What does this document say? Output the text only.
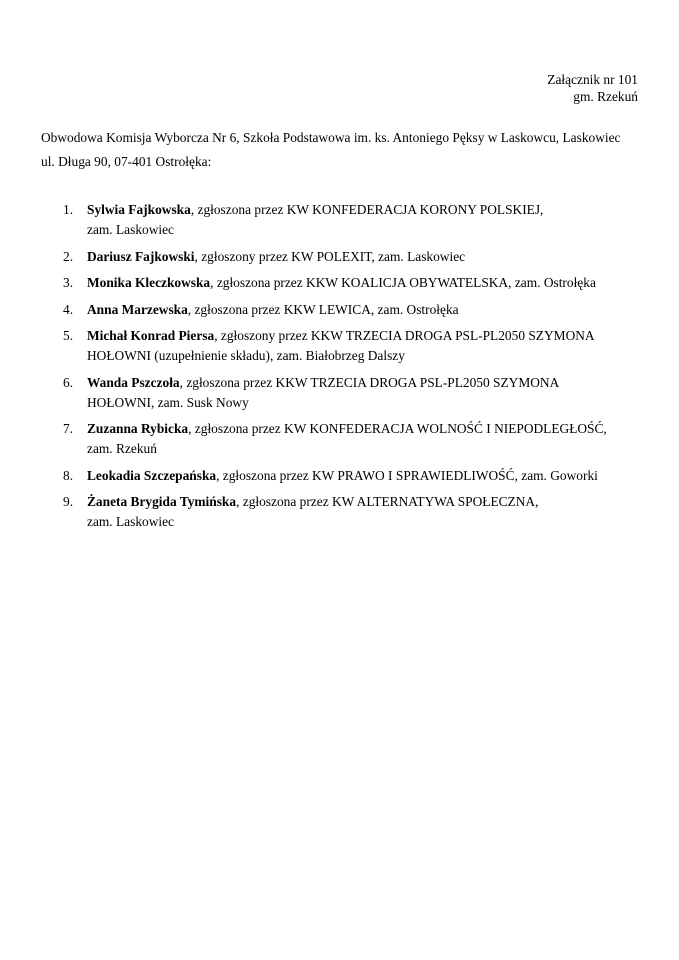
Załącznik nr 101
gm. Rzekuń
Obwodowa Komisja Wyborcza Nr 6, Szkoła Podstawowa im. ks. Antoniego Pęksy w Laskowcu, Laskowiec
ul. Długa 90, 07-401 Ostrołęka:
1. Sylwia Fajkowska, zgłoszona przez KW KONFEDERACJA KORONY POLSKIEJ,
zam. Laskowiec
2. Dariusz Fajkowski, zgłoszony przez KW POLEXIT, zam. Laskowiec
3. Monika Kleczkowska, zgłoszona przez KKW KOALICJA OBYWATELSKA, zam. Ostrołęka
4. Anna Marzewska, zgłoszona przez KKW LEWICA, zam. Ostrołęka
5. Michał Konrad Piersa, zgłoszony przez KKW TRZECIA DROGA PSL-PL2050 SZYMONA
HOŁOWNI (uzupełnienie składu), zam. Białobrzeg Dalszy
6. Wanda Pszczoła, zgłoszona przez KKW TRZECIA DROGA PSL-PL2050 SZYMONA
HOŁOWNI, zam. Susk Nowy
7. Zuzanna Rybicka, zgłoszona przez KW KONFEDERACJA WOLNOŚĆ I NIEPODLEGŁOŚĆ,
zam. Rzekuń
8. Leokadia Szczepańska, zgłoszona przez KW PRAWO I SPRAWIEDLIWOŚĆ, zam. Goworki
9. Żaneta Brygida Tymińska, zgłoszona przez KW ALTERNATYWA SPOŁECZNA,
zam. Laskowiec
